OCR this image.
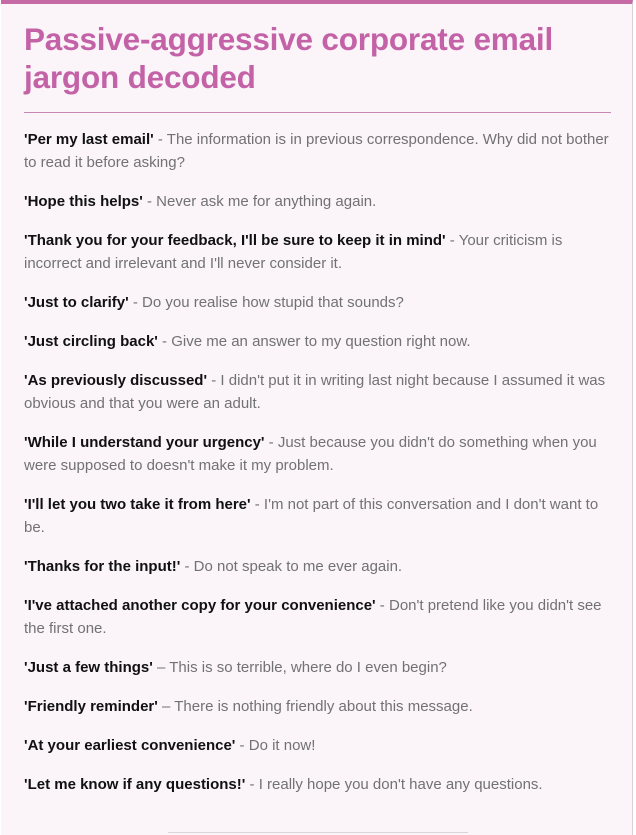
Passive-aggressive corporate email jargon decoded
'Per my last email' - The information is in previous correspondence. Why did not bother to read it before asking?
'Hope this helps' - Never ask me for anything again.
'Thank you for your feedback, I'll be sure to keep it in mind' - Your criticism is incorrect and irrelevant and I'll never consider it.
'Just to clarify' - Do you realise how stupid that sounds?
'Just circling back' - Give me an answer to my question right now.
'As previously discussed' - I didn't put it in writing last night because I assumed it was obvious and that you were an adult.
'While I understand your urgency' - Just because you didn't do something when you were supposed to doesn't make it my problem.
'I'll let you two take it from here' - I'm not part of this conversation and I don't want to be.
'Thanks for the input!' - Do not speak to me ever again.
'I've attached another copy for your convenience' - Don't pretend like you didn't see the first one.
'Just a few things' – This is so terrible, where do I even begin?
'Friendly reminder' – There is nothing friendly about this message.
'At your earliest convenience' - Do it now!
'Let me know if any questions!' - I really hope you don't have any questions.
